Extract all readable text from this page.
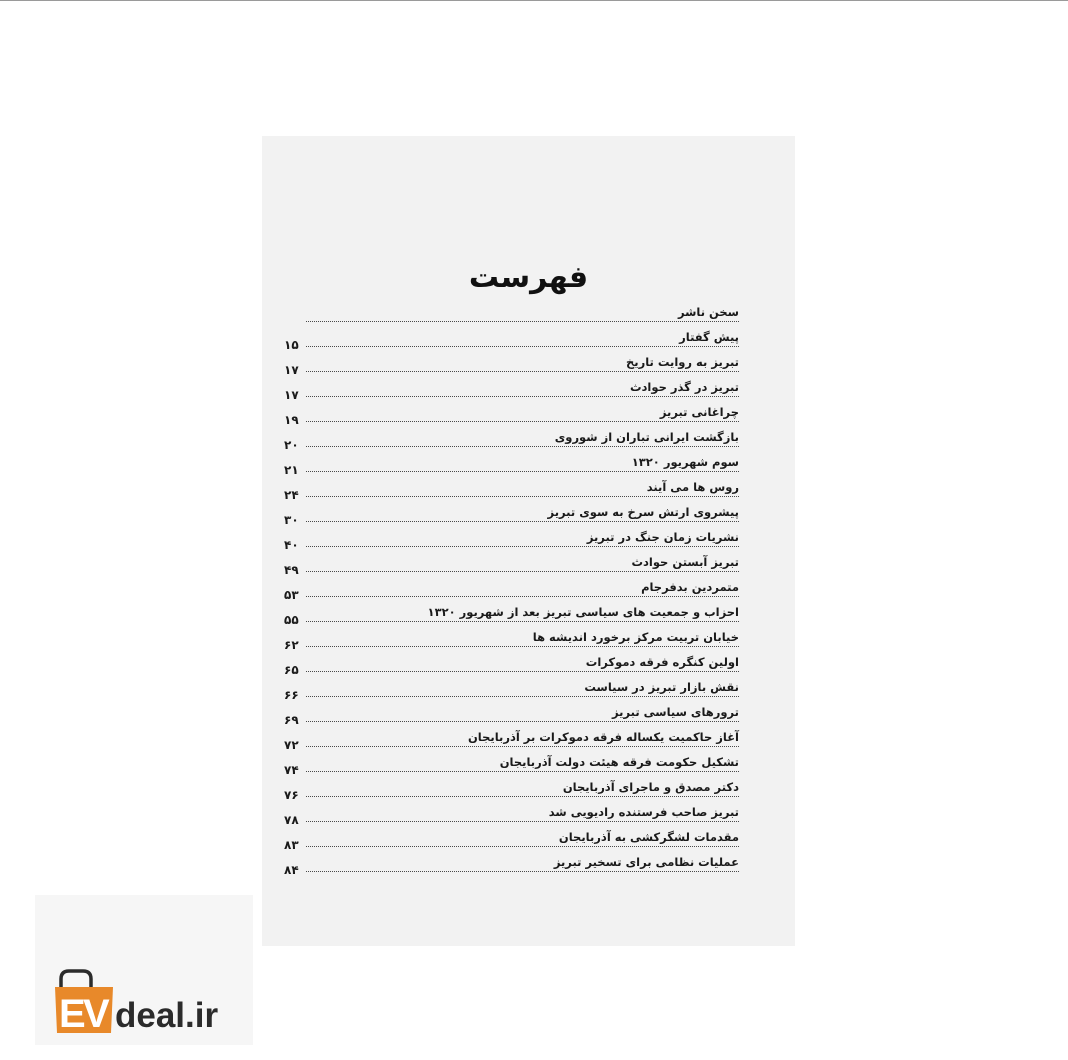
فهرست
سخن ناشر
پیش گفتار
۱۵
تبریز به روایت تاریخ
۱۷
تبریز در گذر حوادث
۱۷
چراغانی تبریز
۱۹
بازگشت ایرانی تباران از شوروی
۲۰
سوم شهریور ۱۳۲۰
۲۱
روس ها می آیند
۲۴
پیشروی ارتش سرخ به سوی تبریز
۳۰
نشریات زمان جنگ در تبریز
۴۰
تبریز آبستن حوادث
۴۹
متمردین بدفرجام
۵۳
احزاب و جمعیت های سیاسی تبریز بعد از شهریور ۱۳۲۰
۵۵
خیابان تربیت مرکز برخورد اندیشه ها
۶۲
اولین کنگره فرقه دموکرات
۶۵
نقش بازار تبریز در سیاست
۶۶
ترورهای سیاسی تبریز
۶۹
آغاز حاکمیت یکساله فرقه دموکرات بر آذربایجان
۷۲
تشکیل حکومت فرقه هیئت دولت آذربایجان
۷۴
دکتر مصدق و ماجرای آذربایجان
۷۶
تبریز صاحب فرستنده رادیویی شد
۷۸
مقدمات لشگرکشی به آذربایجان
۸۳
عملیات نظامی برای تسخیر تبریز
۸۴
E
V deal.ir
